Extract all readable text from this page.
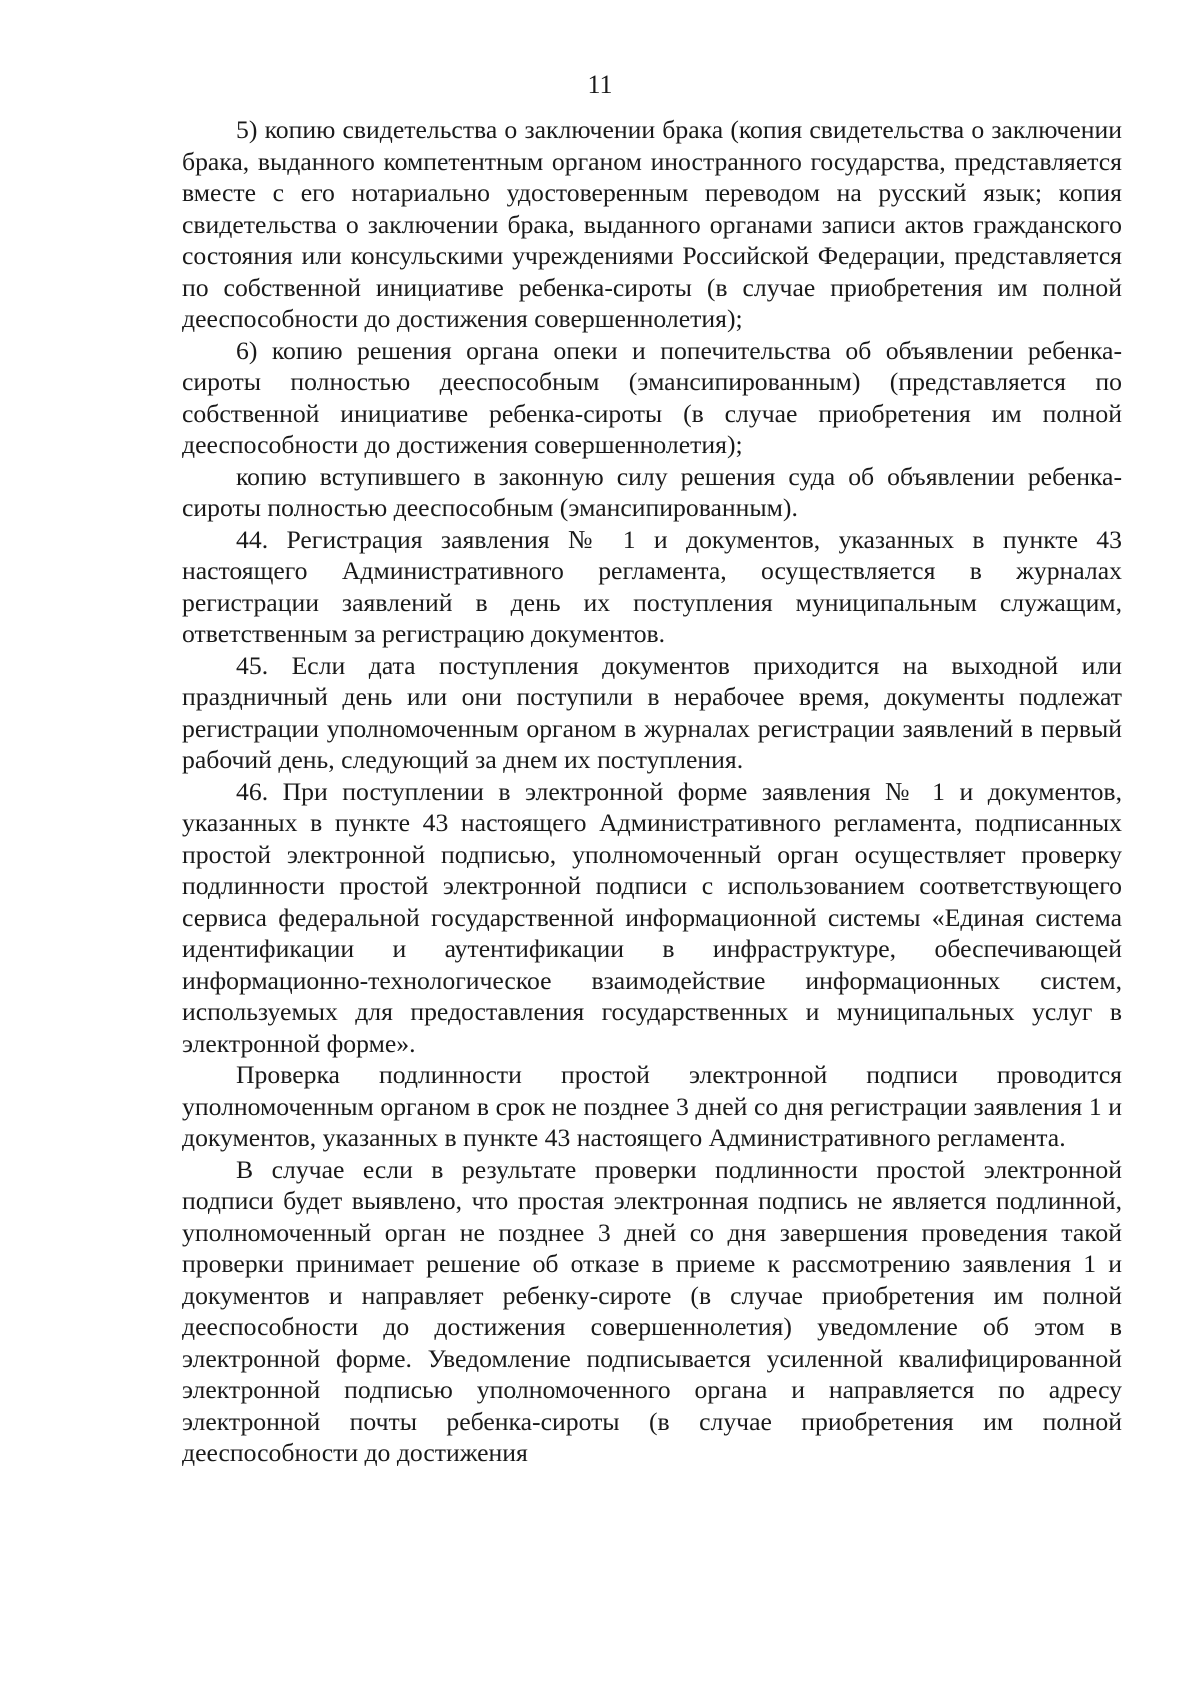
11

5) копию свидетельства о заключении брака (копия свидетельства о заключении брака, выданного компетентным органом иностранного государства, представляется вместе с его нотариально удостоверенным переводом на русский язык; копия свидетельства о заключении брака, выданного органами записи актов гражданского состояния или консульскими учреждениями Российской Федерации, представляется по собственной инициативе ребенка-сироты (в случае приобретения им полной дееспособности до достижения совершеннолетия);

6) копию решения органа опеки и попечительства об объявлении ребенка-сироты полностью дееспособным (эмансипированным) (представляется по собственной инициативе ребенка-сироты (в случае приобретения им полной дееспособности до достижения совершеннолетия);

копию вступившего в законную силу решения суда об объявлении ребенка-сироты полностью дееспособным (эмансипированным).

44. Регистрация заявления № 1 и документов, указанных в пункте 43 настоящего Административного регламента, осуществляется в журналах регистрации заявлений в день их поступления муниципальным служащим, ответственным за регистрацию документов.

45. Если дата поступления документов приходится на выходной или праздничный день или они поступили в нерабочее время, документы подлежат регистрации уполномоченным органом в журналах регистрации заявлений в первый рабочий день, следующий за днем их поступления.

46. При поступлении в электронной форме заявления № 1 и документов, указанных в пункте 43 настоящего Административного регламента, подписанных простой электронной подписью, уполномоченный орган осуществляет проверку подлинности простой электронной подписи с использованием соответствующего сервиса федеральной государственной информационной системы «Единая система идентификации и аутентификации в инфраструктуре, обеспечивающей информационно-технологическое взаимодействие информационных систем, используемых для предоставления государственных и муниципальных услуг в электронной форме».

Проверка подлинности простой электронной подписи проводится уполномоченным органом в срок не позднее 3 дней со дня регистрации заявления 1 и документов, указанных в пункте 43 настоящего Административного регламента.

В случае если в результате проверки подлинности простой электронной подписи будет выявлено, что простая электронная подпись не является подлинной, уполномоченный орган не позднее 3 дней со дня завершения проведения такой проверки принимает решение об отказе в приеме к рассмотрению заявления 1 и документов и направляет ребенку-сироте (в случае приобретения им полной дееспособности до достижения совершеннолетия) уведомление об этом в электронной форме. Уведомление подписывается усиленной квалифицированной электронной подписью уполномоченного органа и направляется по адресу электронной почты ребенка-сироты (в случае приобретения им полной дееспособности до достижения
